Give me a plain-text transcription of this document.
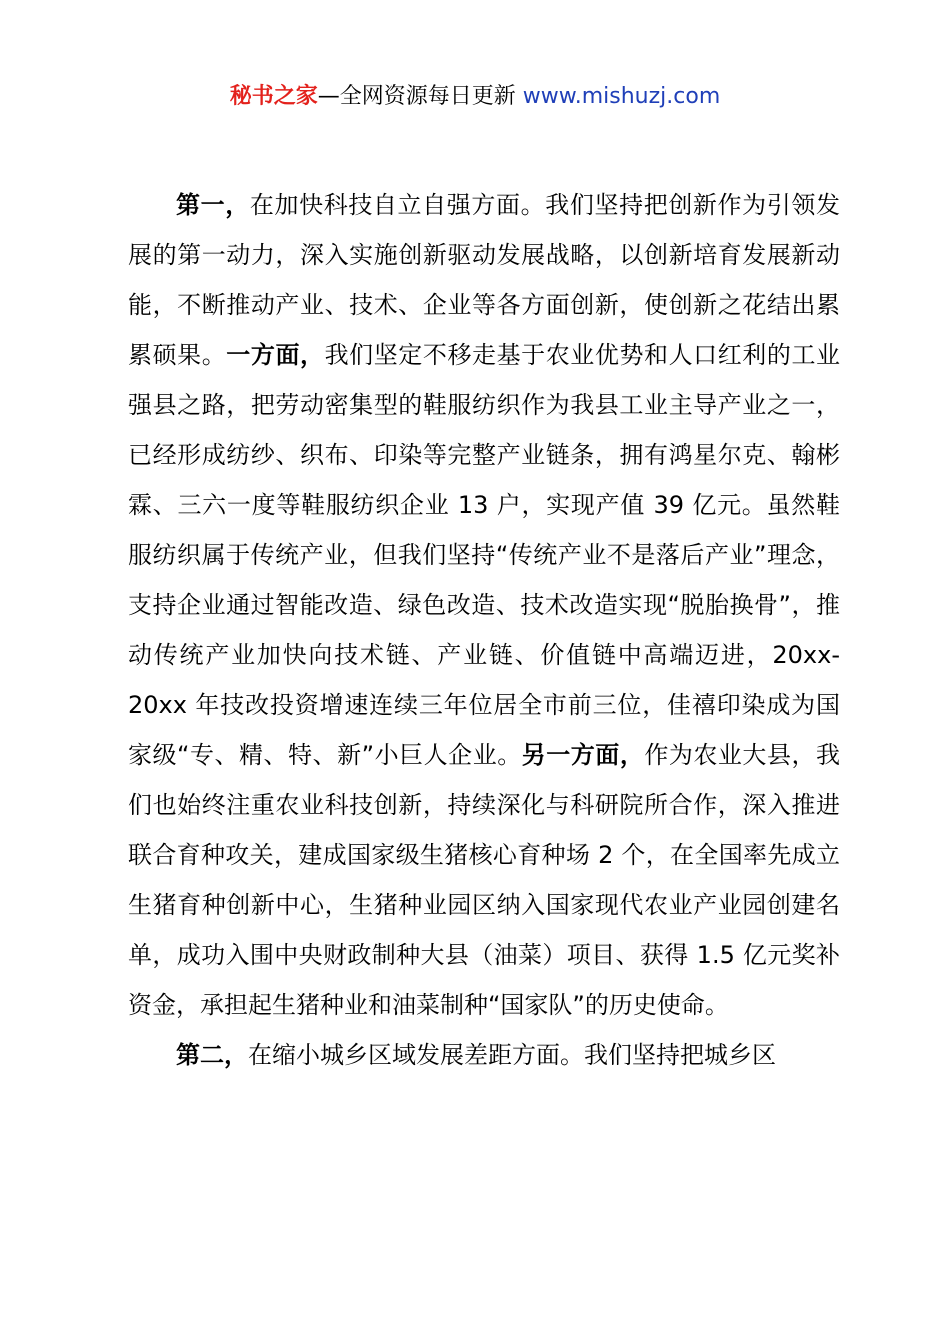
秘书之家—全网资源每日更新 www.mishuzj.com

第一，在加快科技自立自强方面。我们坚持把创新作为引领发展的第一动力，深入实施创新驱动发展战略，以创新培育发展新动能，不断推动产业、技术、企业等各方面创新，使创新之花结出累累硕果。一方面，我们坚定不移走基于农业优势和人口红利的工业强县之路，把劳动密集型的鞋服纺织作为我县工业主导产业之一，已经形成纺纱、织布、印染等完整产业链条，拥有鸿星尔克、翰彬霖、三六一度等鞋服纺织企业 13 户，实现产值 39 亿元。虽然鞋服纺织属于传统产业，但我们坚持“传统产业不是落后产业”理念，支持企业通过智能改造、绿色改造、技术改造实现“脱胎换骨”，推动传统产业加快向技术链、产业链、价值链中高端迈进，20xx-20xx 年技改投资增速连续三年位居全市前三位，佳禧印染成为国家级“专、精、特、新”小巨人企业。另一方面，作为农业大县，我们也始终注重农业科技创新，持续深化与科研院所合作，深入推进联合育种攻关，建成国家级生猪核心育种场 2 个，在全国率先成立生猪育种创新中心，生猪种业园区纳入国家现代农业产业园创建名单，成功入围中央财政制种大县（油菜）项目、获得 1.5 亿元奖补资金，承担起生猪种业和油菜制种“国家队”的历史使命。

第二，在缩小城乡区域发展差距方面。我们坚持把城乡区
